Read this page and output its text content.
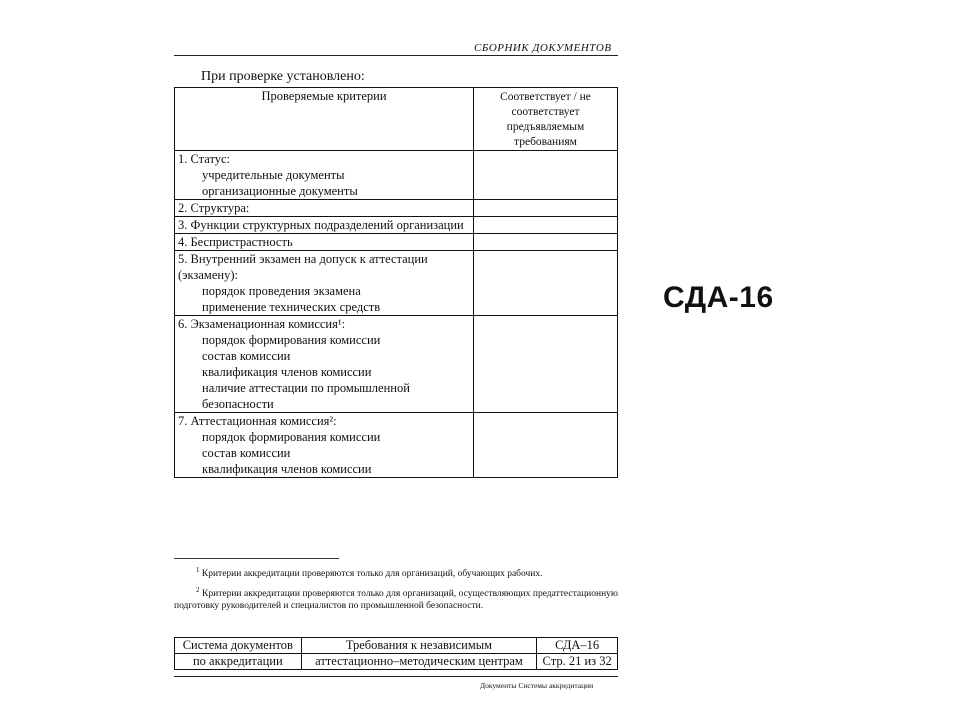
СБОРНИК ДОКУМЕНТОВ
При проверке установлено:
Проверяемые критерии	Соответствует / не соответствует предъявляемым требованиям

1. Статус:
учредительные документы
организационные документы	

2. Структура:	

3. Функции структурных подразделений организации	

4. Беспристрастность	

5. Внутренний экзамен на допуск к аттестации (экзамену):
порядок проведения экзамена
применение технических средств	

6. Экзаменационная комиссия¹:
порядок формирования комиссии
состав комиссии
квалификация членов комиссии
наличие аттестации по промышленной безопасности	

7. Аттестационная комиссия²:
порядок формирования комиссии
состав комиссии
квалификация членов комиссии	

СДА-16

$^1$ Критерии аккредитации проверяются только для организаций, обучающих рабочих.

$^2$ Критерии аккредитации проверяются только для организаций, осуществляющих предаттестационную подготовку руководителей и специалистов по промышленной безопасности.

Система документов	Требования к независимым	СДА–16
по аккредитации	аттестационно–методическим центрам	Стр. 21 из 32
Документы Системы аккредитации
